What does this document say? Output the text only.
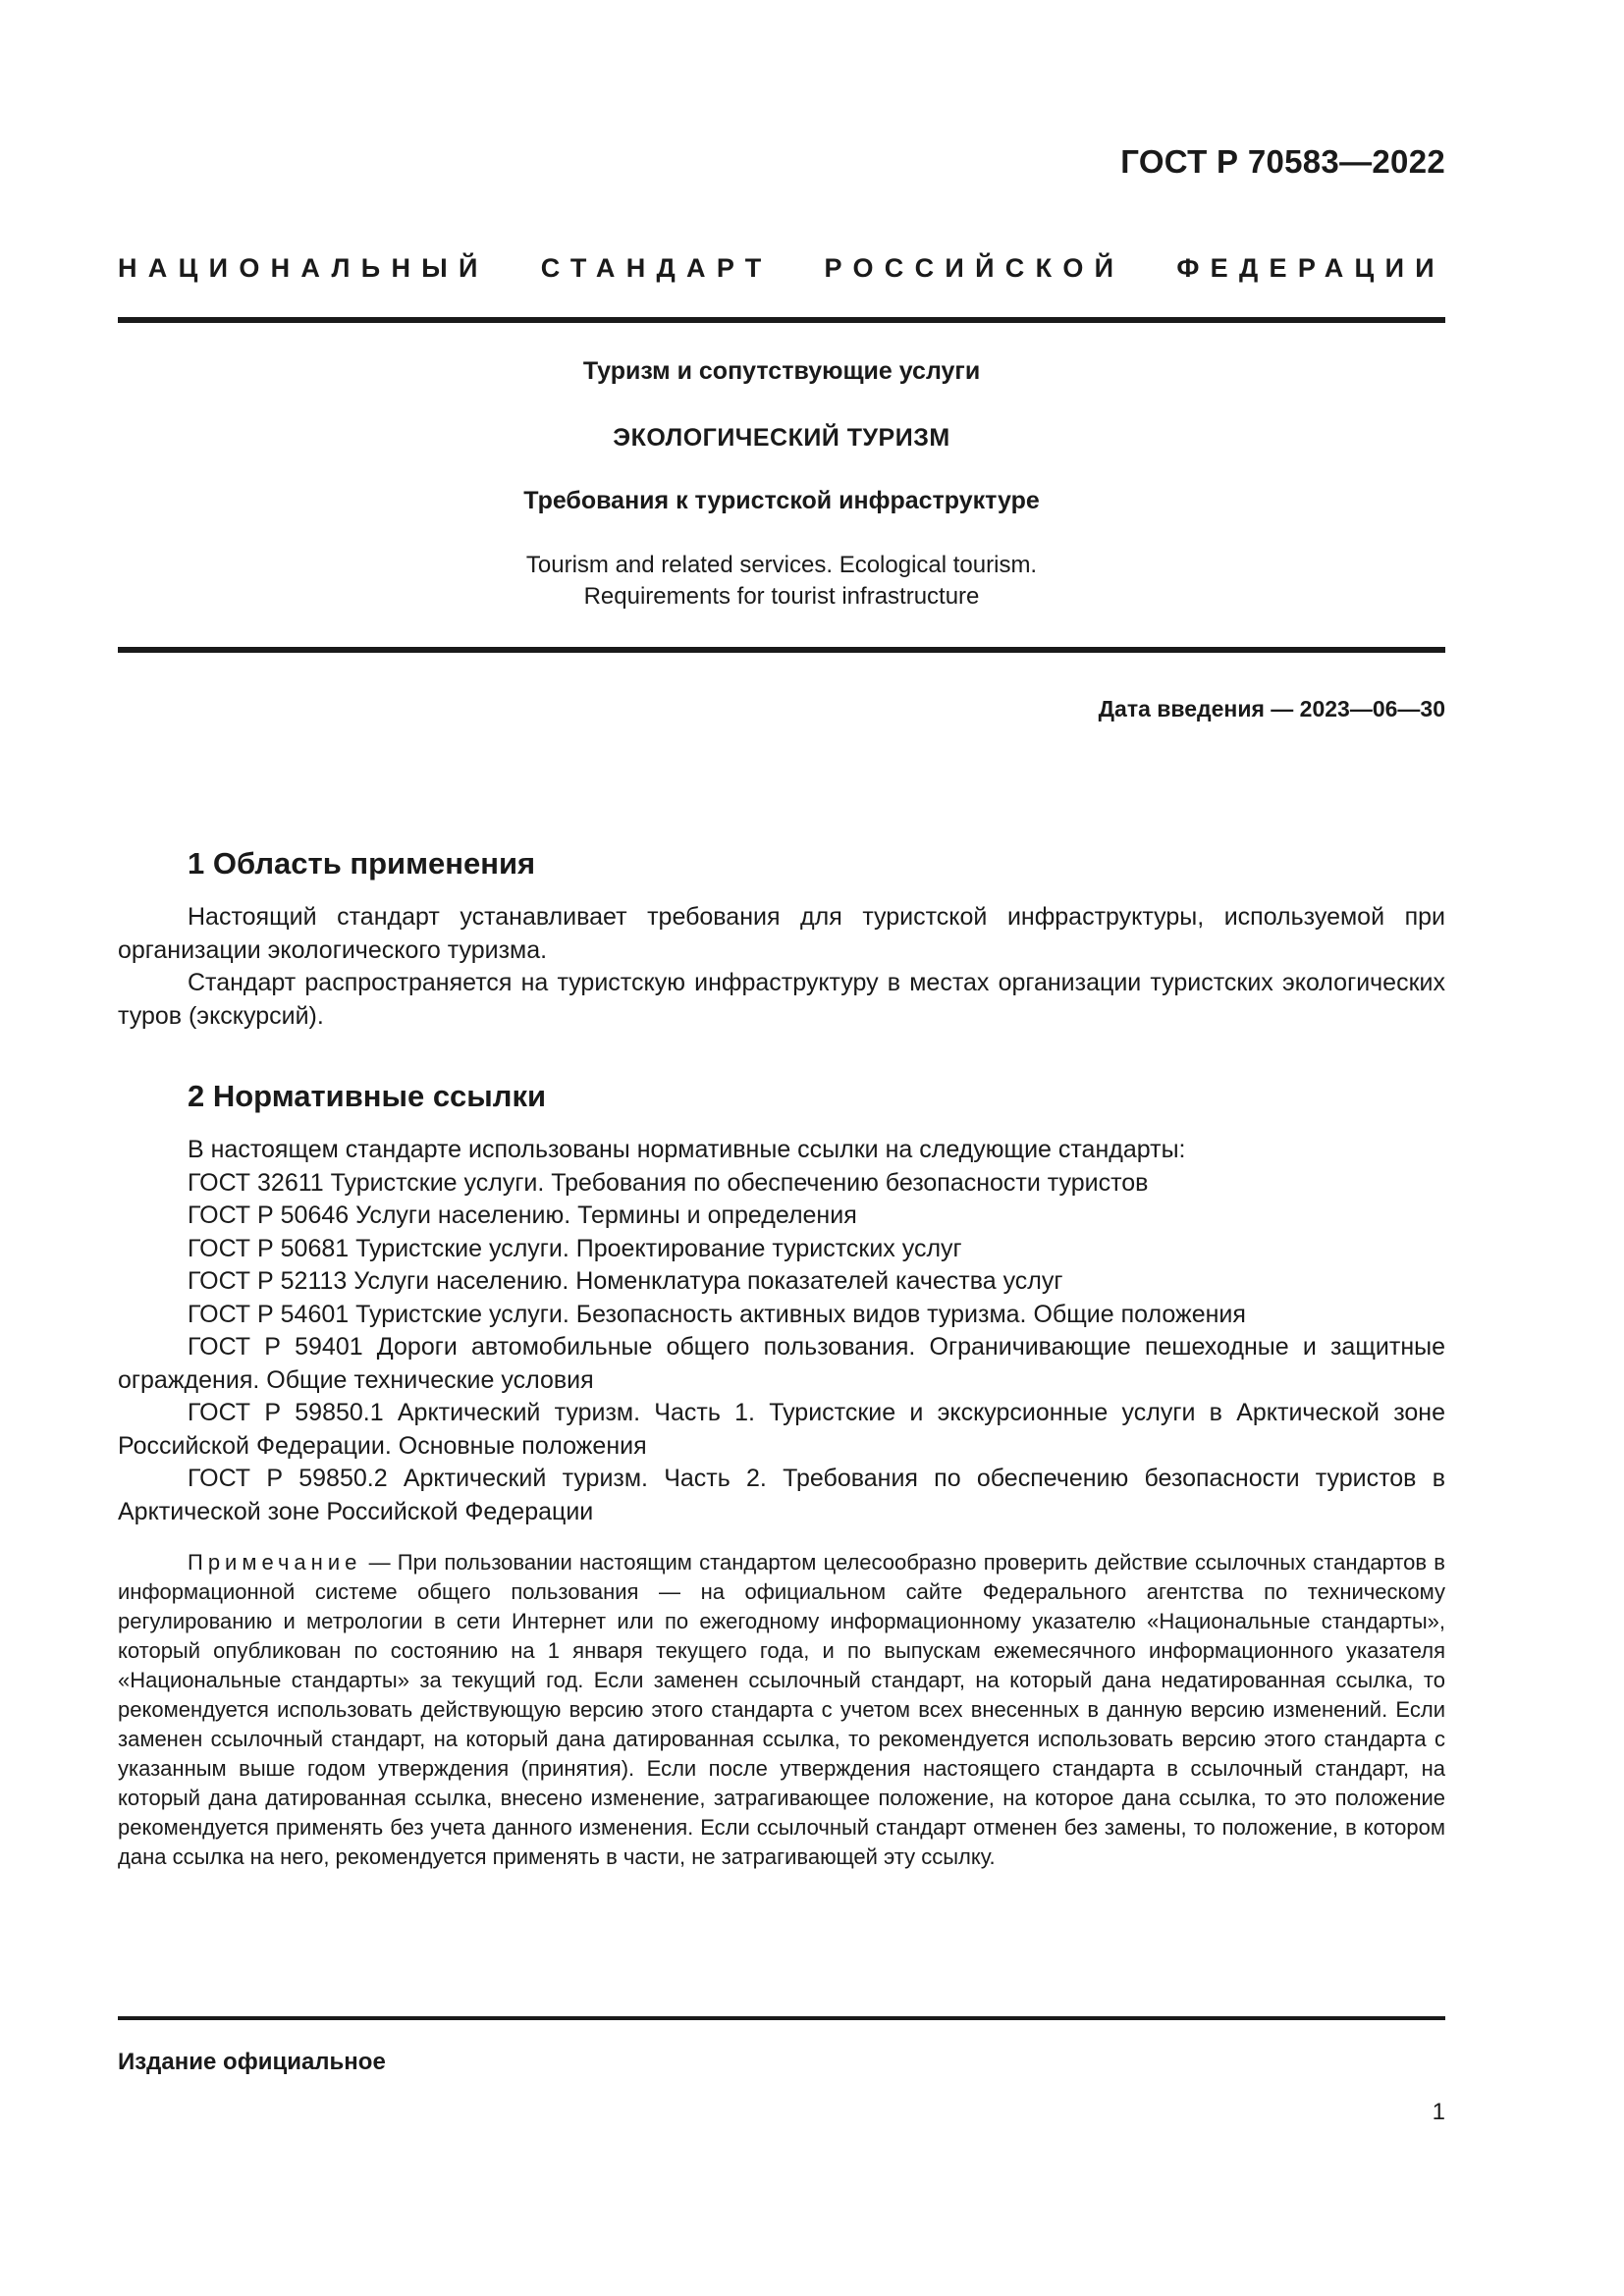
ГОСТ Р 70583—2022
НАЦИОНАЛЬНЫЙ СТАНДАРТ РОССИЙСКОЙ ФЕДЕРАЦИИ
Туризм и сопутствующие услуги
ЭКОЛОГИЧЕСКИЙ ТУРИЗМ
Требования к туристской инфраструктуре
Tourism and related services. Ecological tourism.
Requirements for tourist infrastructure
Дата введения — 2023—06—30
1 Область применения

Настоящий стандарт устанавливает требования для туристской инфраструктуры, используемой при организации экологического туризма.

Стандарт распространяется на туристскую инфраструктуру в местах организации туристских экологических туров (экскурсий).

2 Нормативные ссылки

В настоящем стандарте использованы нормативные ссылки на следующие стандарты:

ГОСТ 32611 Туристские услуги. Требования по обеспечению безопасности туристов

ГОСТ Р 50646 Услуги населению. Термины и определения

ГОСТ Р 50681 Туристские услуги. Проектирование туристских услуг

ГОСТ Р 52113 Услуги населению. Номенклатура показателей качества услуг

ГОСТ Р 54601 Туристские услуги. Безопасность активных видов туризма. Общие положения

ГОСТ Р 59401 Дороги автомобильные общего пользования. Ограничивающие пешеходные и защитные ограждения. Общие технические условия

ГОСТ Р 59850.1 Арктический туризм. Часть 1. Туристские и экскурсионные услуги в Арктической зоне Российской Федерации. Основные положения

ГОСТ Р 59850.2 Арктический туризм. Часть 2. Требования по обеспечению безопасности туристов в Арктической зоне Российской Федерации

Примечание — При пользовании настоящим стандартом целесообразно проверить действие ссылочных стандартов в информационной системе общего пользования — на официальном сайте Федерального агентства по техническому регулированию и метрологии в сети Интернет или по ежегодному информационному указателю «Национальные стандарты», который опубликован по состоянию на 1 января текущего года, и по выпускам ежемесячного информационного указателя «Национальные стандарты» за текущий год. Если заменен ссылочный стандарт, на который дана недатированная ссылка, то рекомендуется использовать действующую версию этого стандарта с учетом всех внесенных в данную версию изменений. Если заменен ссылочный стандарт, на который дана датированная ссылка, то рекомендуется использовать версию этого стандарта с указанным выше годом утверждения (принятия). Если после утверждения настоящего стандарта в ссылочный стандарт, на который дана датированная ссылка, внесено изменение, затрагивающее положение, на которое дана ссылка, то это положение рекомендуется применять без учета данного изменения. Если ссылочный стандарт отменен без замены, то положение, в котором дана ссылка на него, рекомендуется применять в части, не затрагивающей эту ссылку.

Издание официальное
1
